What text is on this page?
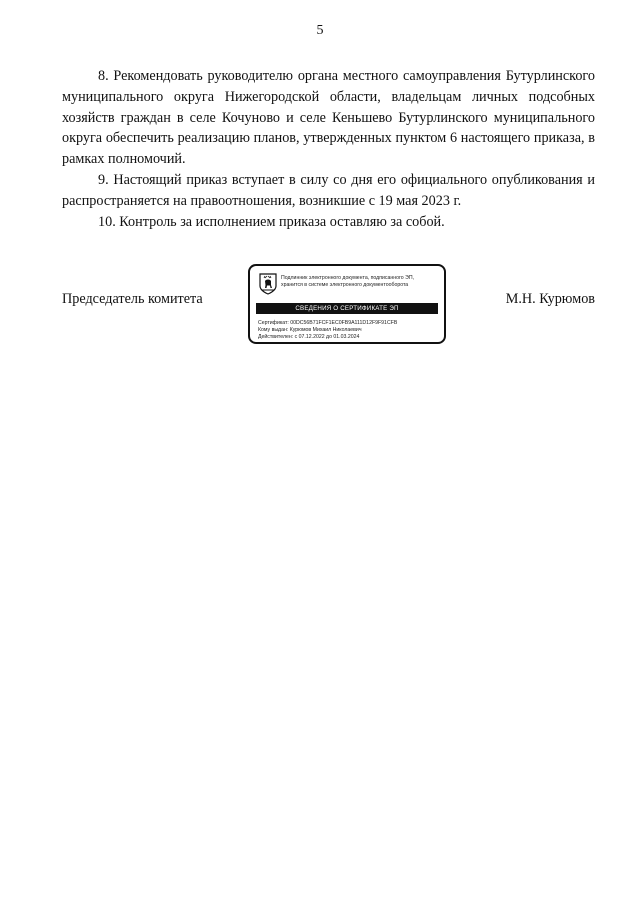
5

8. Рекомендовать руководителю органа местного самоуправления Бутурлинского муниципального округа Нижегородской области, владельцам личных подсобных хозяйств граждан в селе Кочуново и селе Кеньшево Бутурлинского муниципального округа обеспечить реализацию планов, утвержденных пунктом 6 настоящего приказа, в рамках полномочий.

9. Настоящий приказ вступает в силу со дня его официального опубликования и распространяется на правоотношения, возникшие с 19 мая 2023 г.

10. Контроль за исполнением приказа оставляю за собой.

Председатель комитета
Подлинник электронного документа, подписанного ЭП,
хранится в системе электронного документооборота
СВЕДЕНИЯ О СЕРТИФИКАТЕ ЭП
Сертификат: 00DC56B71FCF1EC0FB9A111D12F9F91CFB
Кому выдан: Курюмов Михаил Николаевич
Действителен: с 07.12.2022 до 01.03.2024
М.Н. Курюмов
